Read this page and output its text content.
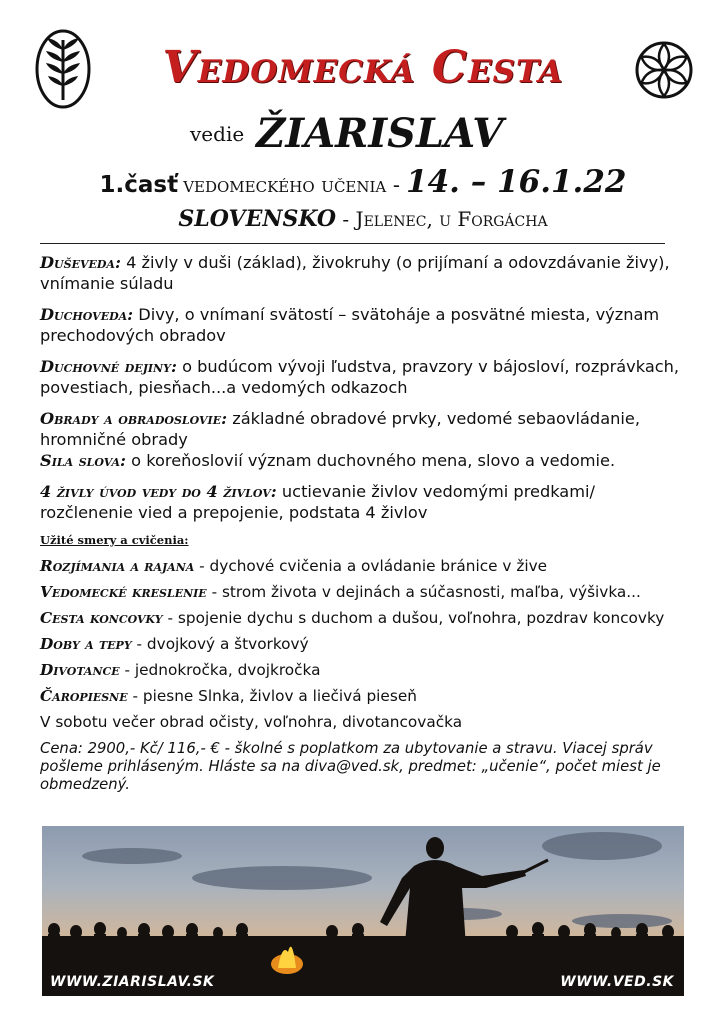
Vedomecká Cesta
vedie ŽIARISLAV
1.časť vedomeckého učenia - 14. – 16.1.22
SLOVENSKO - Jelenec, u Forgácha

Duševeda: 4 živly v duši (základ), živokruhy (o prijímaní a odovzdávanie živy), vnímanie súladu

Duchoveda: Divy, o vnímaní svätostí – svätoháje a posvätné miesta, význam prechodových obradov

Duchovné dejiny: o budúcom vývoji ľudstva, pravzory v bájosloví, rozprávkach, povestiach, piesňach...a vedomých odkazoch

Obrady a obradoslovie: základné obradové prvky, vedomé sebaovládanie, hromničné obrady

Sila slova: o koreňoslovií význam duchovného mena, slovo a vedomie.

4 živly úvod vedy do 4 živlov: uctievanie živlov vedomými predkami/ rozčlenenie vied a prepojenie, podstata 4 živlov

Užité smery a cvičenia:

Rozjímania a rajana - dychové cvičenia a ovládanie bránice v žive

Vedomecké kreslenie - strom života v dejinách a súčasnosti, maľba, výšivka...

Cesta koncovky - spojenie dychu s duchom a dušou, voľnohra, pozdrav koncovky

Doby a tepy - dvojkový a štvorkový

Divotance - jednokročka, dvojkročka

Čaropiesne - piesne Slnka, živlov a liečivá pieseň

V sobotu večer obrad očisty, voľnohra, divotancovačka

Cena: 2900,- Kč/ 116,- € - školné s poplatkom za ubytovanie a stravu. Viacej správ pošleme prihláseným. Hláste sa na diva@ved.sk, predmet: „učenie“, počet miest je obmedzený.

WWW.ZIARISLAV.SK	WWW.VED.SK
